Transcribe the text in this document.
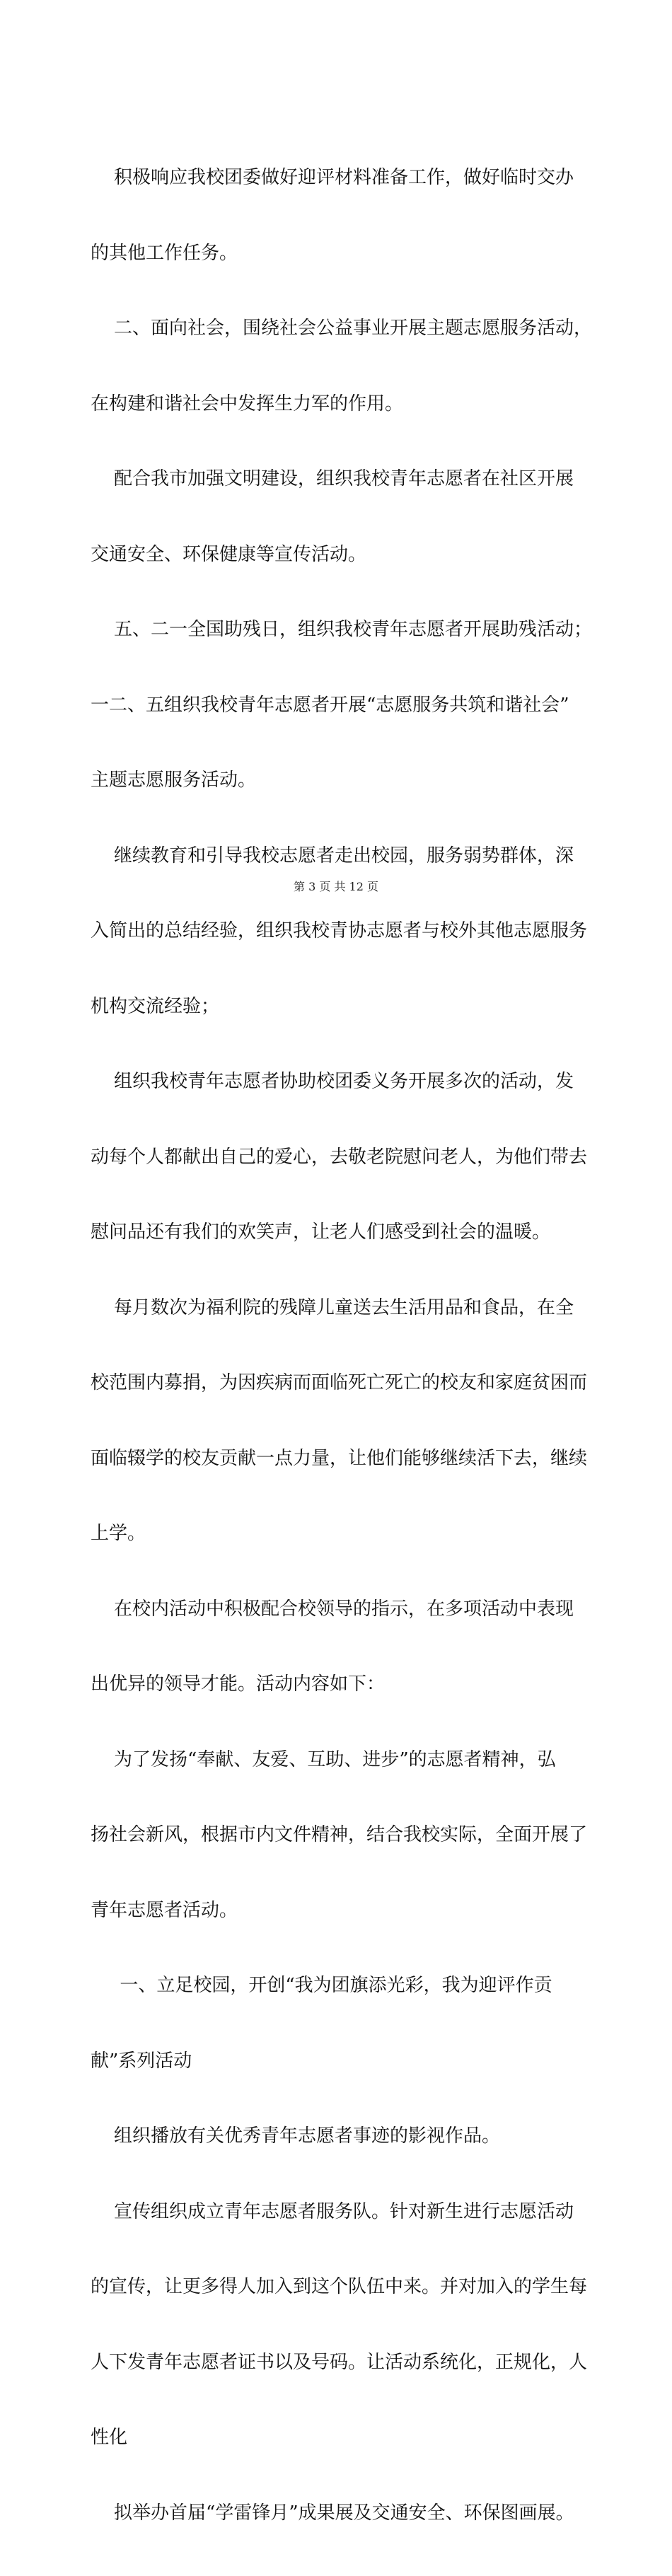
积极响应我校团委做好迎评材料准备工作，做好临时交办

的其他工作任务。

二、面向社会，围绕社会公益事业开展主题志愿服务活动，

在构建和谐社会中发挥生力军的作用。

配合我市加强文明建设，组织我校青年志愿者在社区开展

交通安全、环保健康等宣传活动。

五、二一全国助残日，组织我校青年志愿者开展助残活动；

一二、五组织我校青年志愿者开展“志愿服务共筑和谐社会”

主题志愿服务活动。

继续教育和引导我校志愿者走出校园，服务弱势群体，深

入简出的总结经验，组织我校青协志愿者与校外其他志愿服务

机构交流经验；

组织我校青年志愿者协助校团委义务开展多次的活动，发

动每个人都献出自己的爱心，去敬老院慰问老人，为他们带去

慰问品还有我们的欢笑声，让老人们感受到社会的温暖。

每月数次为福利院的残障儿童送去生活用品和食品，在全

校范围内募捐，为因疾病而面临死亡死亡的校友和家庭贫困而

面临辍学的校友贡献一点力量，让他们能够继续活下去，继续

上学。

在校内活动中积极配合校领导的指示，在多项活动中表现

出优异的领导才能。活动内容如下：

为了发扬“奉献、友爱、互助、进步”的志愿者精神，弘

扬社会新风，根据市内文件精神，结合我校实际，全面开展了

青年志愿者活动。

一、立足校园，开创“我为团旗添光彩，我为迎评作贡

献”系列活动

组织播放有关优秀青年志愿者事迹的影视作品。

宣传组织成立青年志愿者服务队。针对新生进行志愿活动

的宣传，让更多得人加入到这个队伍中来。并对加入的学生每

人下发青年志愿者证书以及号码。让活动系统化，正规化，人

性化

拟举办首届“学雷锋月”成果展及交通安全、环保图画展。

第 3 页 共 12 页
